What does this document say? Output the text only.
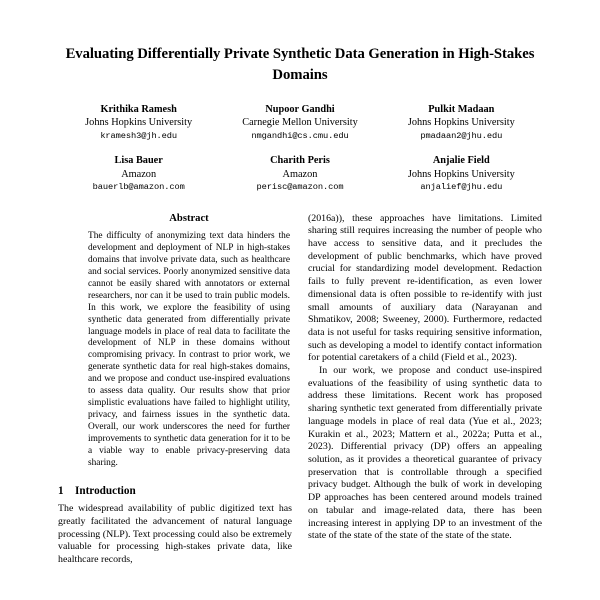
Evaluating Differentially Private Synthetic Data Generation in High-Stakes Domains
Krithika Ramesh
Johns Hopkins University
kramesh3@jh.edu
Nupoor Gandhi
Carnegie Mellon University
nmgandhi@cs.cmu.edu
Pulkit Madaan
Johns Hopkins University
pmadaan2@jhu.edu
Lisa Bauer
Amazon
bauerlb@amazon.com
Charith Peris
Amazon
perisc@amazon.com
Anjalie Field
Johns Hopkins University
anjalief@jhu.edu
Abstract

The difficulty of anonymizing text data hinders the development and deployment of NLP in high-stakes domains that involve private data, such as healthcare and social services. Poorly anonymized sensitive data cannot be easily shared with annotators or external researchers, nor can it be used to train public models. In this work, we explore the feasibility of using synthetic data generated from differentially private language models in place of real data to facilitate the development of NLP in these domains without compromising privacy. In contrast to prior work, we generate synthetic data for real high-stakes domains, and we propose and conduct use-inspired evaluations to assess data quality. Our results show that prior simplistic evaluations have failed to highlight utility, privacy, and fairness issues in the synthetic data. Overall, our work underscores the need for further improvements to synthetic data generation for it to be a viable way to enable privacy-preserving data sharing.

1 Introduction

The widespread availability of public digitized text has greatly facilitated the advancement of natural language processing (NLP). Text processing could also be extremely valuable for processing high-stakes private data, like healthcare records,

(2016a)), these approaches have limitations. Limited sharing still requires increasing the number of people who have access to sensitive data, and it precludes the development of public benchmarks, which have proved crucial for standardizing model development. Redaction fails to fully prevent re-identification, as even lower dimensional data is often possible to re-identify with just small amounts of auxiliary data (Narayanan and Shmatikov, 2008; Sweeney, 2000). Furthermore, redacted data is not useful for tasks requiring sensitive information, such as developing a model to identify contact information for potential caretakers of a child (Field et al., 2023).

In our work, we propose and conduct use-inspired evaluations of the feasibility of using synthetic data to address these limitations. Recent work has proposed sharing synthetic text generated from differentially private language models in place of real data (Yue et al., 2023; Kurakin et al., 2023; Mattern et al., 2022a; Putta et al., 2023). Differential privacy (DP) offers an appealing solution, as it provides a theoretical guarantee of privacy preservation that is controllable through a specified privacy budget. Although the bulk of work in developing DP approaches has been centered around models trained on tabular and image-related data, there has been increasing interest in applying DP to an investment of the state of the state of the state of the state of the state.
